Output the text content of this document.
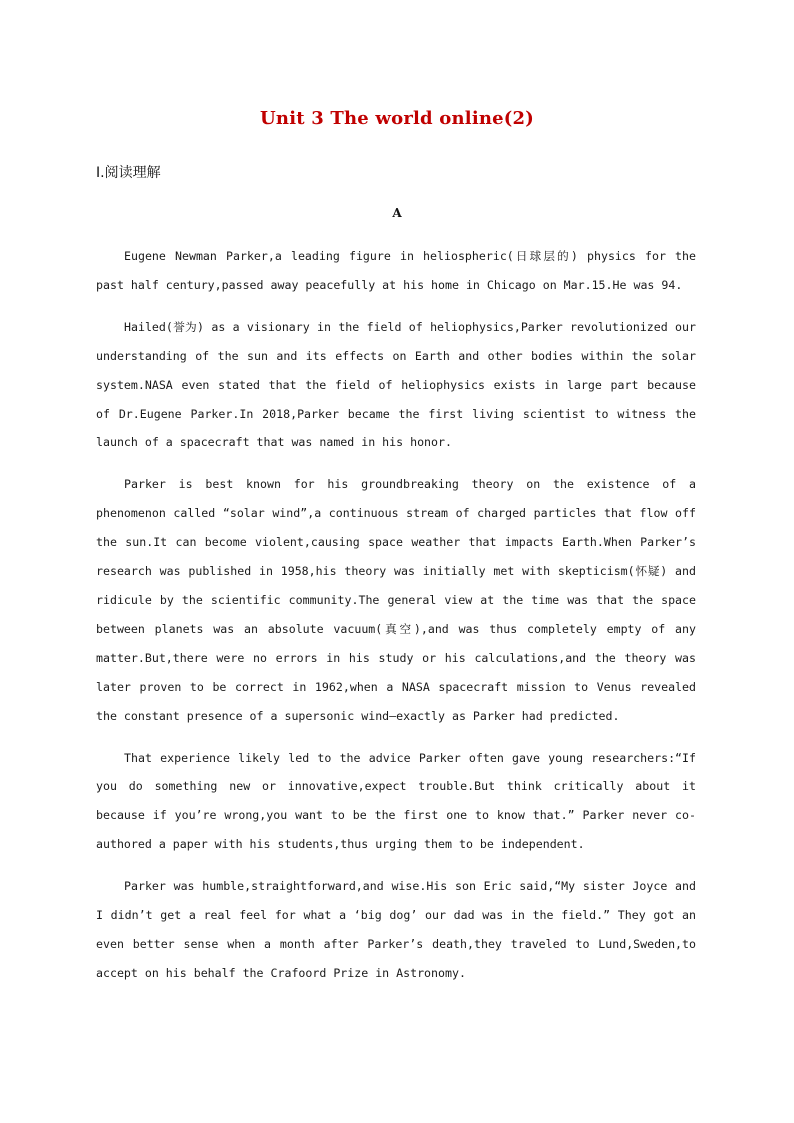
Unit 3 The world online(2)
Ⅰ.阅读理解
A

Eugene Newman Parker,a leading figure in heliospheric(日球层的) physics for the past half century,passed away peacefully at his home in Chicago on Mar.15.He was 94.

Hailed(誉为) as a visionary in the field of heliophysics,Parker revolutionized our understanding of the sun and its effects on Earth and other bodies within the solar system.NASA even stated that the field of heliophysics exists in large part because of Dr.Eugene Parker.In 2018,Parker became the first living scientist to witness the launch of a spacecraft that was named in his honor.

Parker is best known for his groundbreaking theory on the existence of a phenomenon called “solar wind”,a continuous stream of charged particles that flow off the sun.It can become violent,causing space weather that impacts Earth.When Parker’s research was published in 1958,his theory was initially met with skepticism(怀疑) and ridicule by the scientific community.The general view at the time was that the space between planets was an absolute vacuum(真空),and was thus completely empty of any matter.But,there were no errors in his study or his calculations,and the theory was later proven to be correct in 1962,when a NASA spacecraft mission to Venus revealed the constant presence of a supersonic wind—exactly as Parker had predicted.

That experience likely led to the advice Parker often gave young researchers:“If you do something new or innovative,expect trouble.But think critically about it because if you’re wrong,you want to be the first one to know that.” Parker never co-authored a paper with his students,thus urging them to be independent.

Parker was humble,straightforward,and wise.His son Eric said,“My sister Joyce and I didn’t get a real feel for what a ‘big dog’ our dad was in the field.” They got an even better sense when a month after Parker’s death,they traveled to Lund,Sweden,to accept on his behalf the Crafoord Prize in Astronomy.
